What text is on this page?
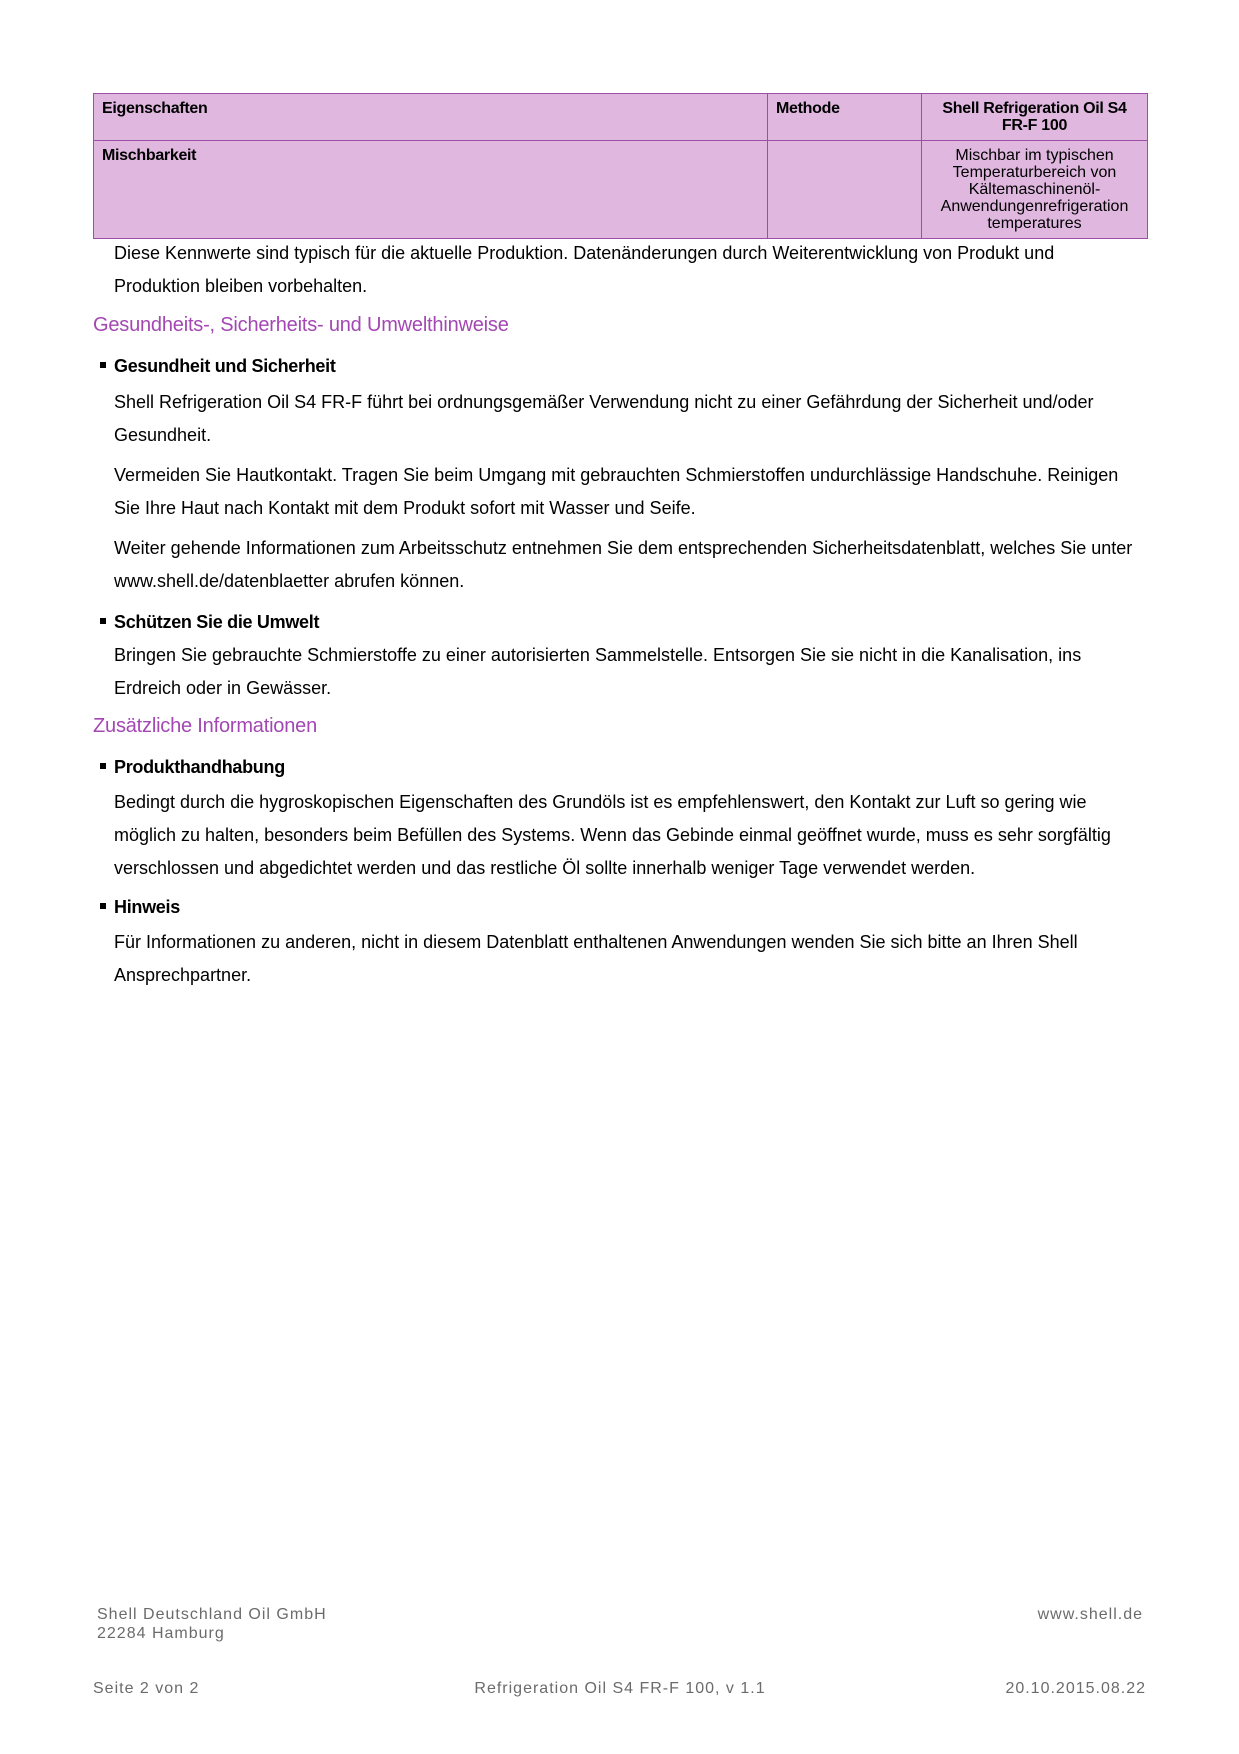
Eigenschaften	Methode	Shell Refrigeration Oil S4 FR-F 100
Mischbarkeit		Mischbar im typischen Temperaturbereich von Kältemaschinenöl-Anwendungenrefrigeration temperatures

Diese Kennwerte sind typisch für die aktuelle Produktion. Datenänderungen durch Weiterentwicklung von Produkt und Produktion bleiben vorbehalten.

Gesundheits-, Sicherheits- und Umwelthinweise
Gesundheit und Sicherheit

Shell Refrigeration Oil S4 FR-F führt bei ordnungsgemäßer Verwendung nicht zu einer Gefährdung der Sicherheit und/oder Gesundheit.

Vermeiden Sie Hautkontakt. Tragen Sie beim Umgang mit gebrauchten Schmierstoffen undurchlässige Handschuhe. Reinigen Sie Ihre Haut nach Kontakt mit dem Produkt sofort mit Wasser und Seife.

Weiter gehende Informationen zum Arbeitsschutz entnehmen Sie dem entsprechenden Sicherheitsdatenblatt, welches Sie unter www.shell.de/datenblaetter abrufen können.

Schützen Sie die Umwelt

Bringen Sie gebrauchte Schmierstoffe zu einer autorisierten Sammelstelle. Entsorgen Sie sie nicht in die Kanalisation, ins Erdreich oder in Gewässer.

Zusätzliche Informationen
Produkthandhabung

Bedingt durch die hygroskopischen Eigenschaften des Grundöls ist es empfehlenswert, den Kontakt zur Luft so gering wie möglich zu halten, besonders beim Befüllen des Systems. Wenn das Gebinde einmal geöffnet wurde, muss es sehr sorgfältig verschlossen und abgedichtet werden und das restliche Öl sollte innerhalb weniger Tage verwendet werden.

Hinweis

Für Informationen zu anderen, nicht in diesem Datenblatt enthaltenen Anwendungen wenden Sie sich bitte an Ihren Shell Ansprechpartner.

Shell Deutschland Oil GmbH

22284 Hamburg

www.shell.de

Seite 2 von 2	Refrigeration Oil S4 FR-F 100, v 1.1	20.10.2015.08.22
